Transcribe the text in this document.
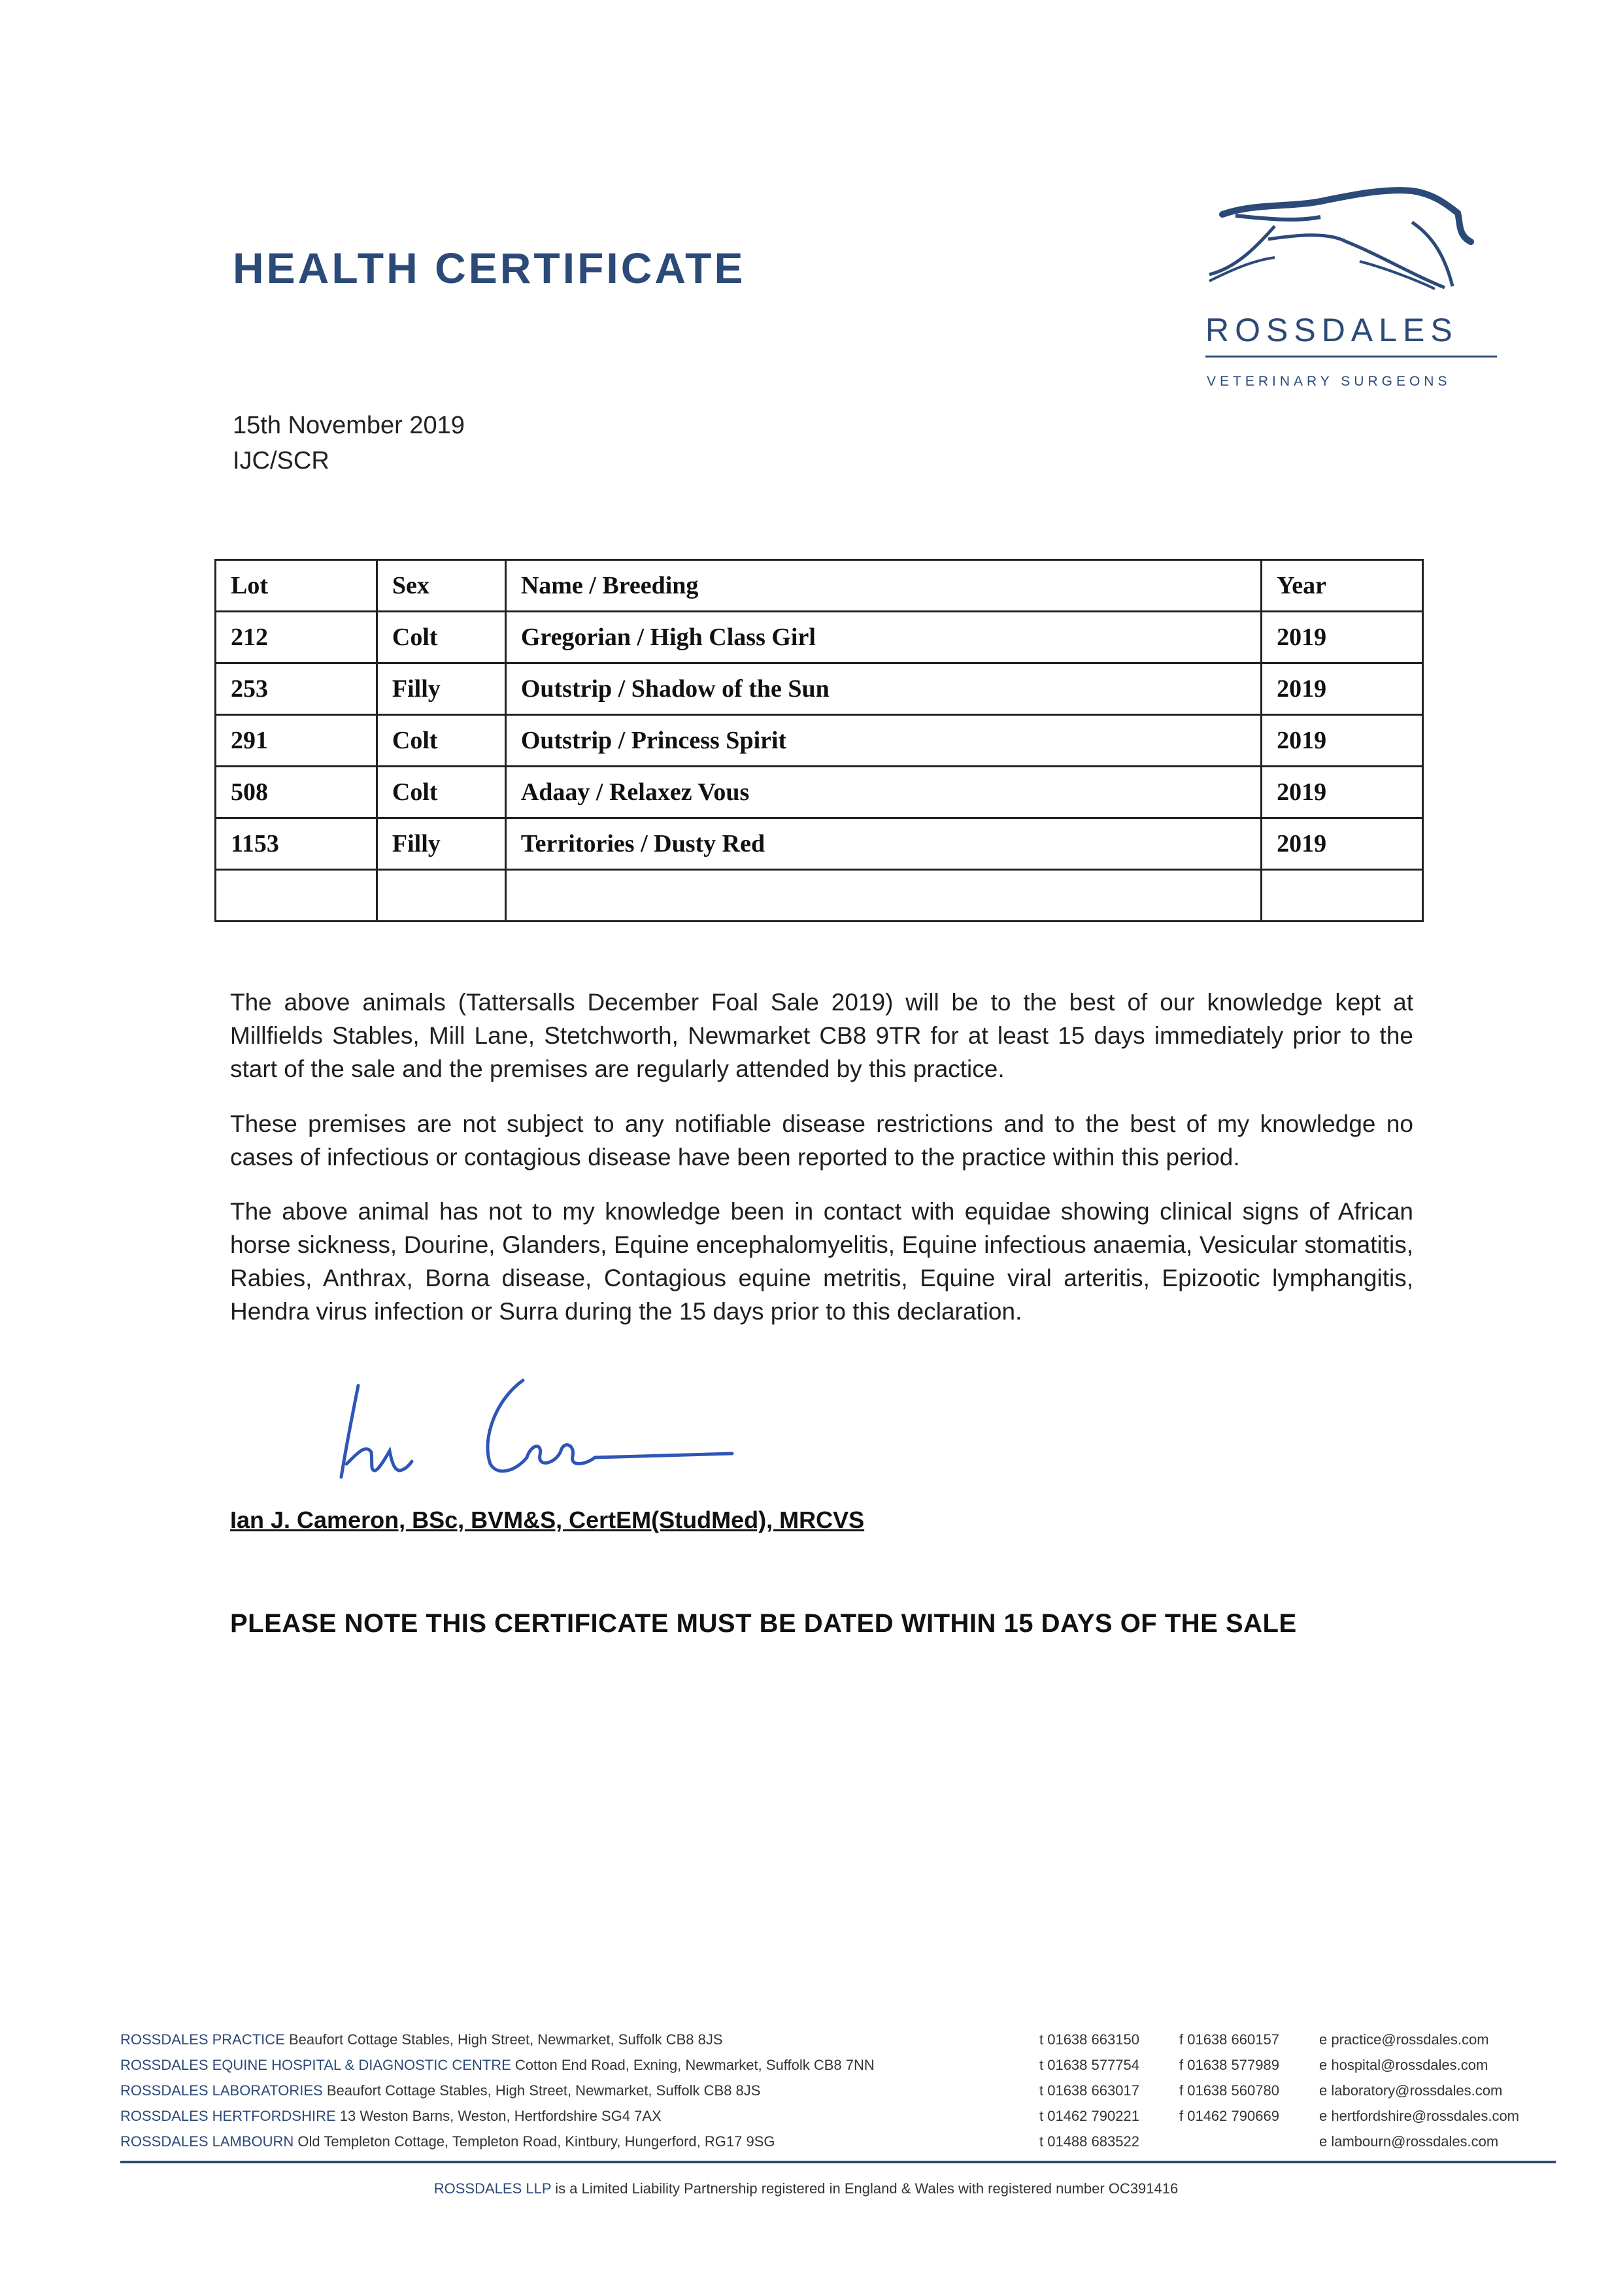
HEALTH CERTIFICATE
ROSSDALES
VETERINARY SURGEONS
15th November 2019
IJC/SCR
Lot	Sex	Name / Breeding	Year
212	Colt	Gregorian / High Class Girl	2019
253	Filly	Outstrip / Shadow of the Sun	2019
291	Colt	Outstrip / Princess Spirit	2019
508	Colt	Adaay / Relaxez Vous	2019
1153	Filly	Territories / Dusty Red	2019

The above animals (Tattersalls December Foal Sale 2019) will be to the best of our knowledge kept at Millfields Stables, Mill Lane, Stetchworth, Newmarket CB8 9TR for at least 15 days immediately prior to the start of the sale and the premises are regularly attended by this practice.
These premises are not subject to any notifiable disease restrictions and to the best of my knowledge no cases of infectious or contagious disease have been reported to the practice within this period.
The above animal has not to my knowledge been in contact with equidae showing clinical signs of African horse sickness, Dourine, Glanders, Equine encephalomyelitis, Equine infectious anaemia, Vesicular stomatitis, Rabies, Anthrax, Borna disease, Contagious equine metritis, Equine viral arteritis, Epizootic lymphangitis, Hendra virus infection or Surra during the 15 days prior to this declaration.
Ian J. Cameron, BSc, BVM&S, CertEM(StudMed), MRCVS
PLEASE NOTE THIS CERTIFICATE MUST BE DATED WITHIN 15 DAYS OF THE SALE
ROSSDALES PRACTICE Beaufort Cottage Stables, High Street, Newmarket, Suffolk CB8 8JS	t 01638 663150	f 01638 660157	e practice@rossdales.com
ROSSDALES EQUINE HOSPITAL & DIAGNOSTIC CENTRE Cotton End Road, Exning, Newmarket, Suffolk CB8 7NN	t 01638 577754	f 01638 577989	e hospital@rossdales.com
ROSSDALES LABORATORIES Beaufort Cottage Stables, High Street, Newmarket, Suffolk CB8 8JS	t 01638 663017	f 01638 560780	e laboratory@rossdales.com
ROSSDALES HERTFORDSHIRE 13 Weston Barns, Weston, Hertfordshire SG4 7AX	t 01462 790221	f 01462 790669	e hertfordshire@rossdales.com
ROSSDALES LAMBOURN Old Templeton Cottage, Templeton Road, Kintbury, Hungerford, RG17 9SG	t 01488 683522	e lambourn@rossdales.com
ROSSDALES LLP is a Limited Liability Partnership registered in England & Wales with registered number OC391416
